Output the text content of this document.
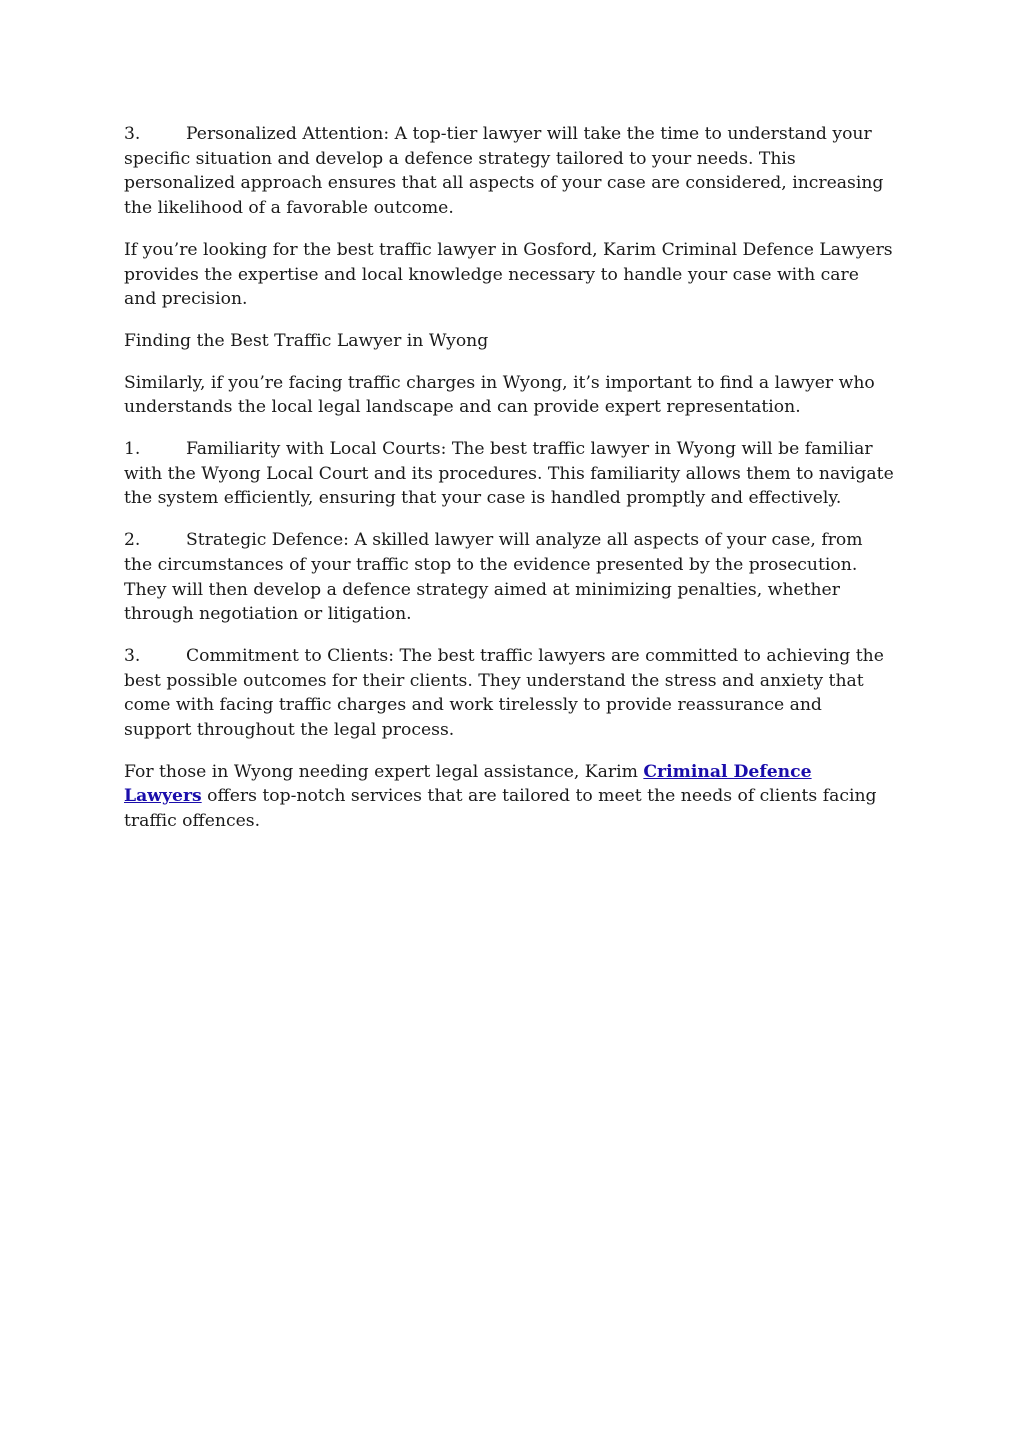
3.	Personalized Attention: A top-tier lawyer will take the time to understand your specific situation and develop a defence strategy tailored to your needs. This personalized approach ensures that all aspects of your case are considered, increasing the likelihood of a favorable outcome.

If you’re looking for the best traffic lawyer in Gosford, Karim Criminal Defence Lawyers provides the expertise and local knowledge necessary to handle your case with care and precision.

Finding the Best Traffic Lawyer in Wyong

Similarly, if you’re facing traffic charges in Wyong, it’s important to find a lawyer who understands the local legal landscape and can provide expert representation.

1.	Familiarity with Local Courts: The best traffic lawyer in Wyong will be familiar with the Wyong Local Court and its procedures. This familiarity allows them to navigate the system efficiently, ensuring that your case is handled promptly and effectively.

2.	Strategic Defence: A skilled lawyer will analyze all aspects of your case, from the circumstances of your traffic stop to the evidence presented by the prosecution. They will then develop a defence strategy aimed at minimizing penalties, whether through negotiation or litigation.

3.	Commitment to Clients: The best traffic lawyers are committed to achieving the best possible outcomes for their clients. They understand the stress and anxiety that come with facing traffic charges and work tirelessly to provide reassurance and support throughout the legal process.

For those in Wyong needing expert legal assistance, Karim Criminal Defence Lawyers offers top-notch services that are tailored to meet the needs of clients facing traffic offences.
